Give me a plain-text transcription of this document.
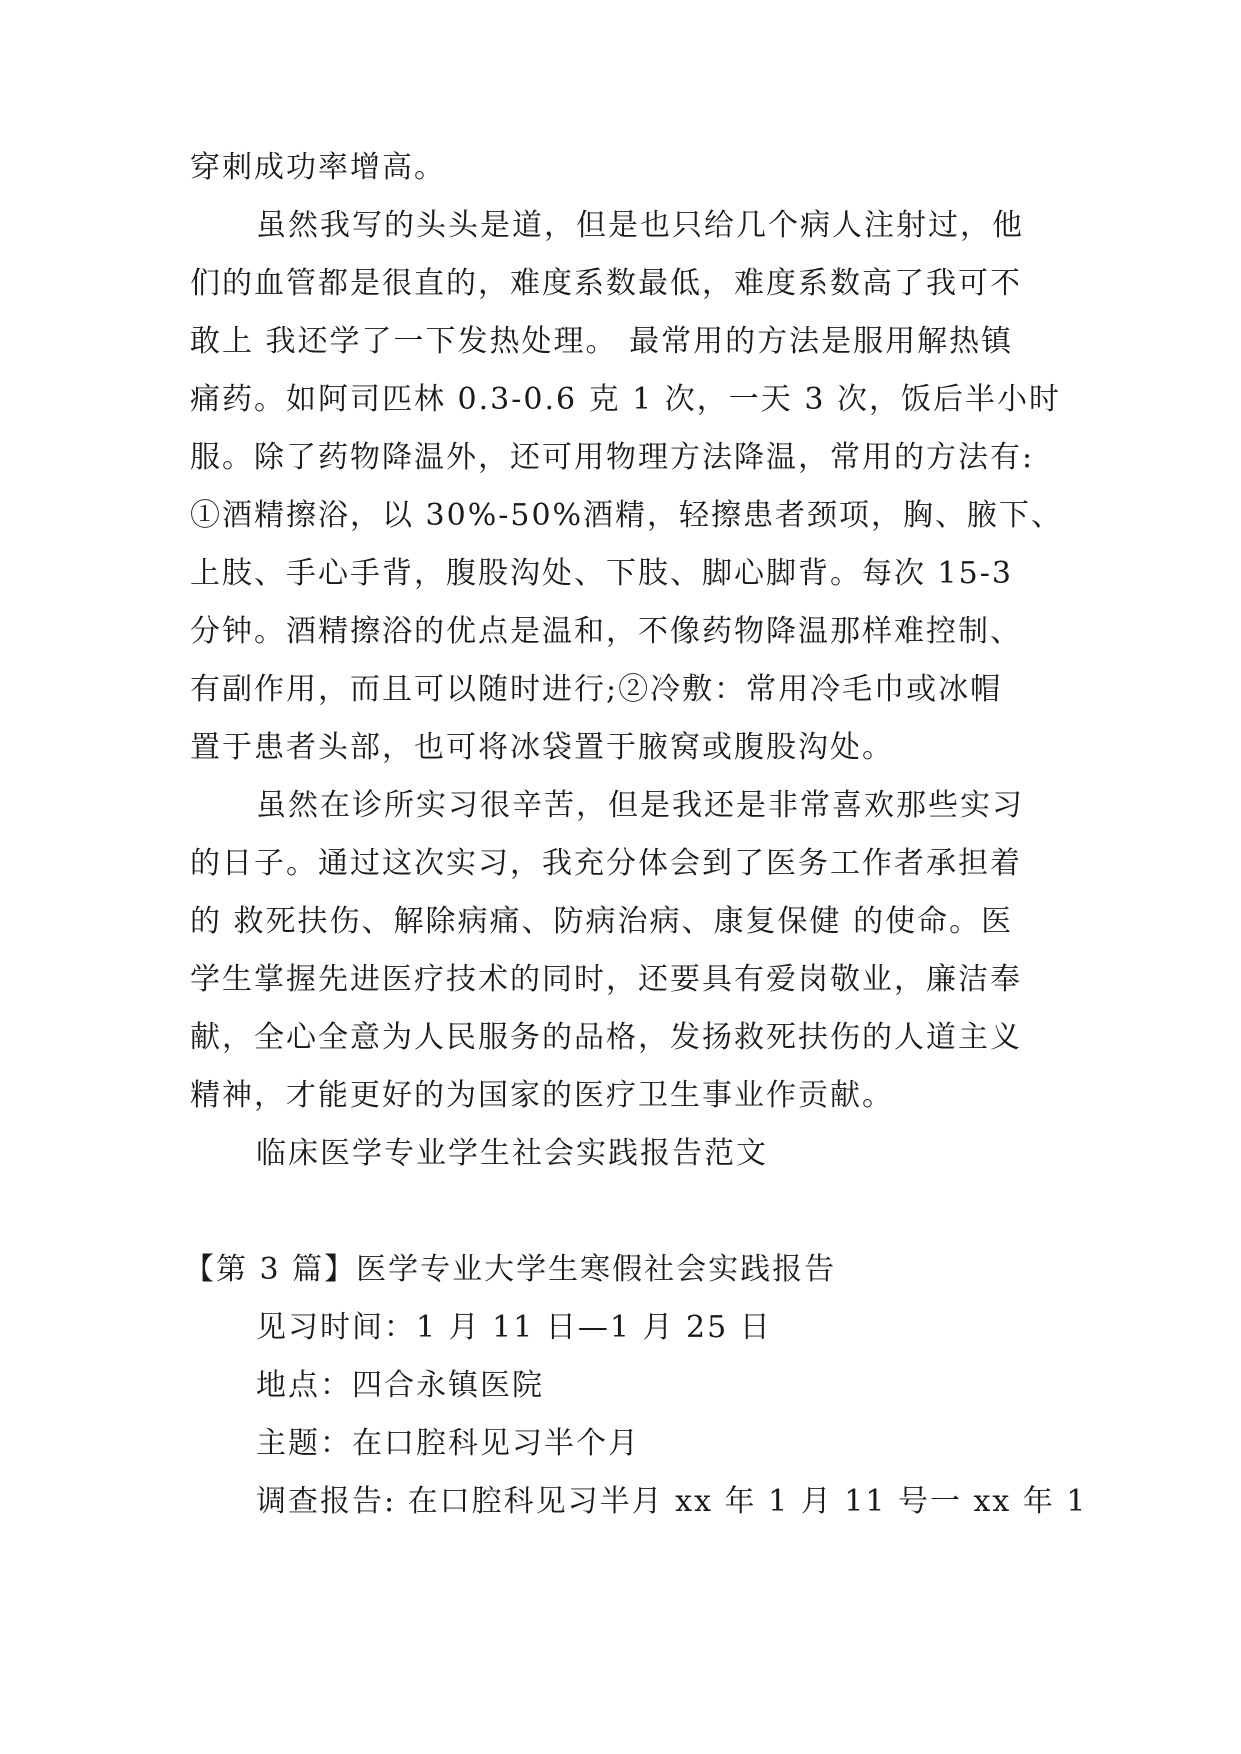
穿刺成功率增高。
虽然我写的头头是道，但是也只给几个病人注射过，他
们的血管都是很直的，难度系数最低，难度系数高了我可不
敢上 我还学了一下发热处理。 最常用的方法是服用解热镇
痛药。如阿司匹林 0.3-0.6 克 1 次，一天 3 次，饭后半小时
服。除了药物降温外，还可用物理方法降温，常用的方法有:
①酒精擦浴，以 30%-50%酒精，轻擦患者颈项，胸、腋下、
上肢、手心手背，腹股沟处、下肢、脚心脚背。每次 15-3
分钟。酒精擦浴的优点是温和，不像药物降温那样难控制、
有副作用，而且可以随时进行;②冷敷：常用冷毛巾或冰帽
置于患者头部，也可将冰袋置于腋窝或腹股沟处。
虽然在诊所实习很辛苦，但是我还是非常喜欢那些实习
的日子。通过这次实习，我充分体会到了医务工作者承担着
的 救死扶伤、解除病痛、防病治病、康复保健 的使命。医
学生掌握先进医疗技术的同时，还要具有爱岗敬业，廉洁奉
献，全心全意为人民服务的品格，发扬救死扶伤的人道主义
精神，才能更好的为国家的医疗卫生事业作贡献。
临床医学专业学生社会实践报告范文
【第 3 篇】医学专业大学生寒假社会实践报告
见习时间：1 月 11 日—1 月 25 日
地点：四合永镇医院
主题：在口腔科见习半个月
调查报告: 在口腔科见习半月 xx 年 1 月 11 号一 xx 年 1
